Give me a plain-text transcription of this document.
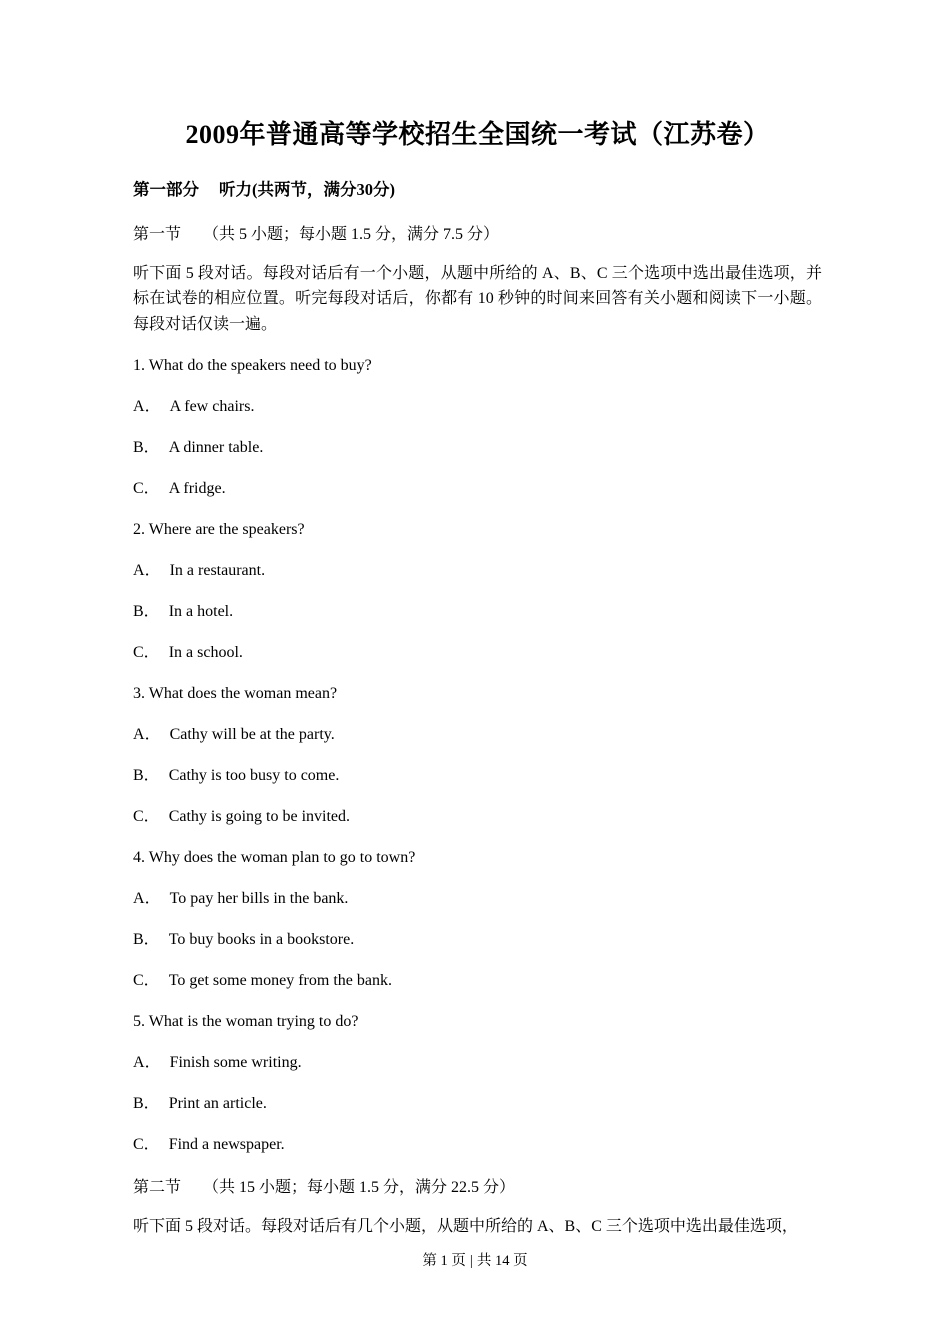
2009年普通高等学校招生全国统一考试（江苏卷）
第一部分 听力(共两节，满分30分)
第一节 （共 5 小题；每小题 1.5 分，满分 7.5 分）

听下面 5 段对话。每段对话后有一个小题，从题中所给的 A、B、C 三个选项中选出最佳选项，并标在试卷的相应位置。听完每段对话后，你都有 10 秒钟的时间来回答有关小题和阅读下一小题。每段对话仅读一遍。

1. What do the speakers need to buy?
A． A few chairs.
B． A dinner table.
C． A fridge.
2. Where are the speakers?
A． In a restaurant.
B． In a hotel.
C． In a school.
3. What does the woman mean?
A． Cathy will be at the party.
B． Cathy is too busy to come.
C． Cathy is going to be invited.
4. Why does the woman plan to go to town?
A． To pay her bills in the bank.
B． To buy books in a bookstore.
C． To get some money from the bank.
5. What is the woman trying to do?
A． Finish some writing.
B． Print an article.
C． Find a newspaper.
第二节 （共 15 小题；每小题 1.5 分，满分 22.5 分）

听下面 5 段对话。每段对话后有几个小题，从题中所给的 A、B、C 三个选项中选出最佳选项，

第 1 页 | 共 14 页
